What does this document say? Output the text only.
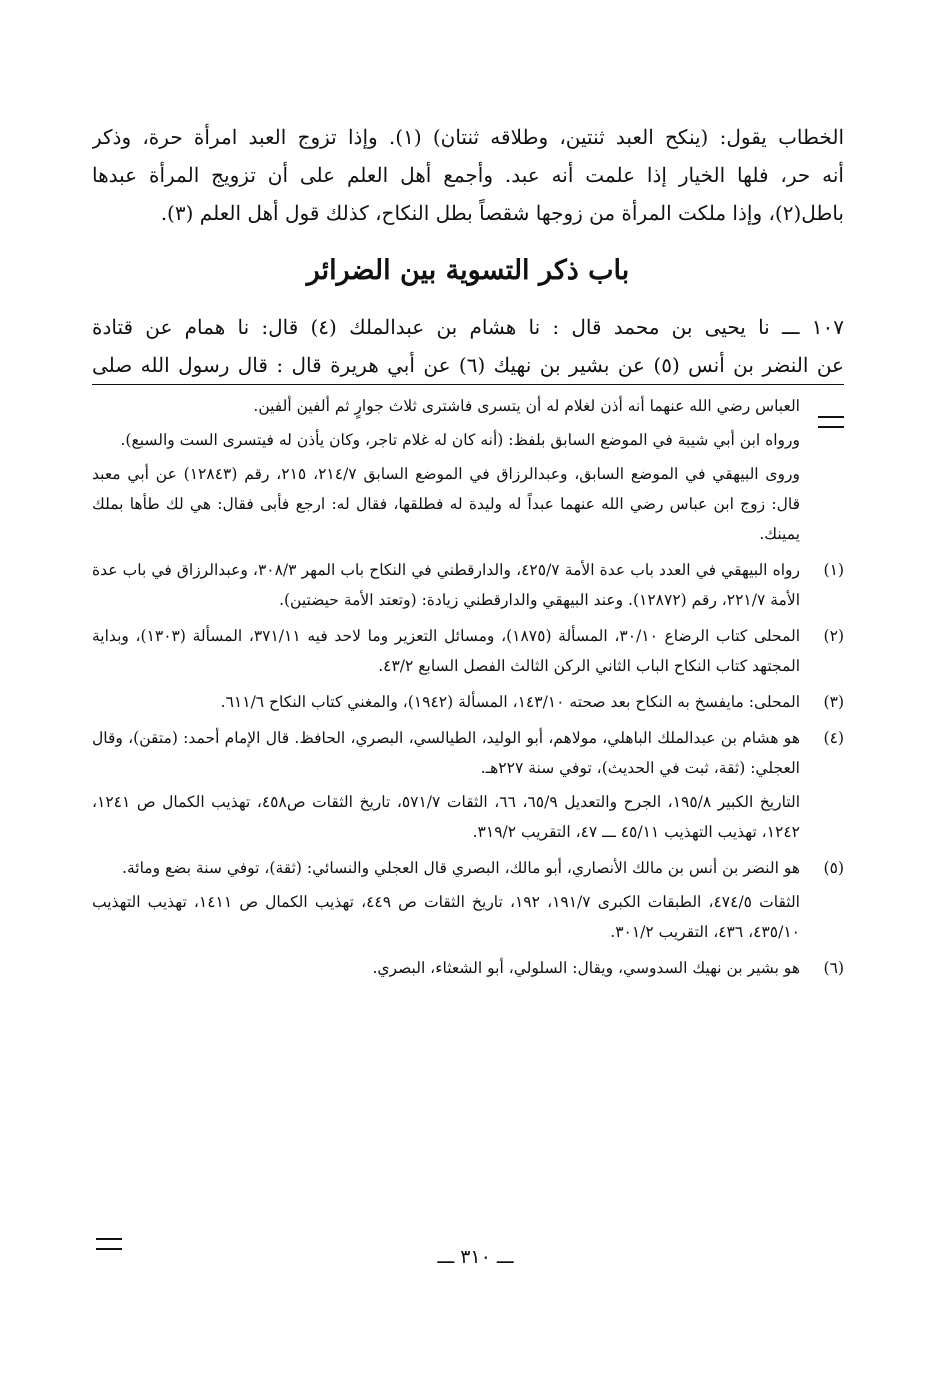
الخطاب يقول: (ينكح العبد ثنتين، وطلاقه ثنتان) (١). وإذا تزوج العبد امرأة حرة، وذكر
أنه حر، فلها الخيار إذا علمت أنه عبد. وأجمع أهل العلم على أن تزويج المرأة عبدها
باطل(٢)، وإذا ملكت المرأة من زوجها شقصاً بطل النكاح، كذلك قول أهل العلم (٣).
باب ذكر التسوية بين الضرائر
١٠٧ ـــ نا يحيى بن محمد قال : نا هشام بن عبدالملك (٤) قال: نا همام عن قتادة
عن النضر بن أنس (٥) عن بشير بن نهيك (٦) عن أبي هريرة قال : قال رسول الله صلى

العباس رضي الله عنهما أنه أذن لغلام له أن يتسرى فاشترى ثلاث جوارٍ ثم ألفين ألفين.

ورواه ابن أبي شيبة في الموضع السابق بلفظ: (أنه كان له غلام تاجر، وكان يأذن له فيتسرى الست والسبع).

وروى البيهقي في الموضع السابق، وعبدالرزاق في الموضع السابق ٢١٤/٧، ٢١٥، رقم (١٢٨٤٣) عن أبي معبد قال: زوج ابن عباس رضي الله عنهما عبداً له وليدة له فطلقها، فقال له: ارجع فأبى فقال: هي لك طأها بملك يمينك.

(١)

رواه البيهقي في العدد باب عدة الأمة ٤٢٥/٧، والدارقطني في النكاح باب المهر ٣٠٨/٣، وعبدالرزاق في باب عدة الأمة ٢٢١/٧، رقم (١٢٨٧٢). وعند البيهقي والدارقطني زيادة: (وتعتد الأمة حيضتين).

(٢)

المحلى كتاب الرضاع ٣٠/١٠، المسألة (١٨٧٥)، ومسائل التعزير وما لاحد فيه ٣٧١/١١، المسألة (١٣٠٣)، وبداية المجتهد كتاب النكاح الباب الثاني الركن الثالث الفصل السابع ٤٣/٢.

(٣)

المحلى: مايفسخ به النكاح بعد صحته ١٤٣/١٠، المسألة (١٩٤٢)، والمغني كتاب النكاح ٦١١/٦.

(٤)

هو هشام بن عبدالملك الباهلي، مولاهم، أبو الوليد، الطيالسي، البصري، الحافظ. قال الإمام أحمد: (متقن)، وقال العجلي: (ثقة، ثبت في الحديث)، توفي سنة ٢٢٧هـ.

التاريخ الكبير ١٩٥/٨، الجرح والتعديل ٦٥/٩، ٦٦، الثقات ٥٧١/٧، تاريخ الثقات ص٤٥٨، تهذيب الكمال ص ١٢٤١، ١٢٤٢، تهذيب التهذيب ٤٥/١١ ـــ ٤٧، التقريب ٣١٩/٢.

(٥)

هو النضر بن أنس بن مالك الأنصاري، أبو مالك، البصري قال العجلي والنسائي: (ثقة)، توفي سنة بضع ومائة.

الثقات ٤٧٤/٥، الطبقات الكبرى ١٩١/٧، ١٩٢، تاريخ الثقات ص ٤٤٩، تهذيب الكمال ص ١٤١١، تهذيب التهذيب ٤٣٥/١٠، ٤٣٦، التقريب ٣٠١/٢.

(٦)

هو بشير بن نهيك السدوسي، ويقال: السلولي، أبو الشعثاء، البصري.

ـــ ٣١٠ ـــ
